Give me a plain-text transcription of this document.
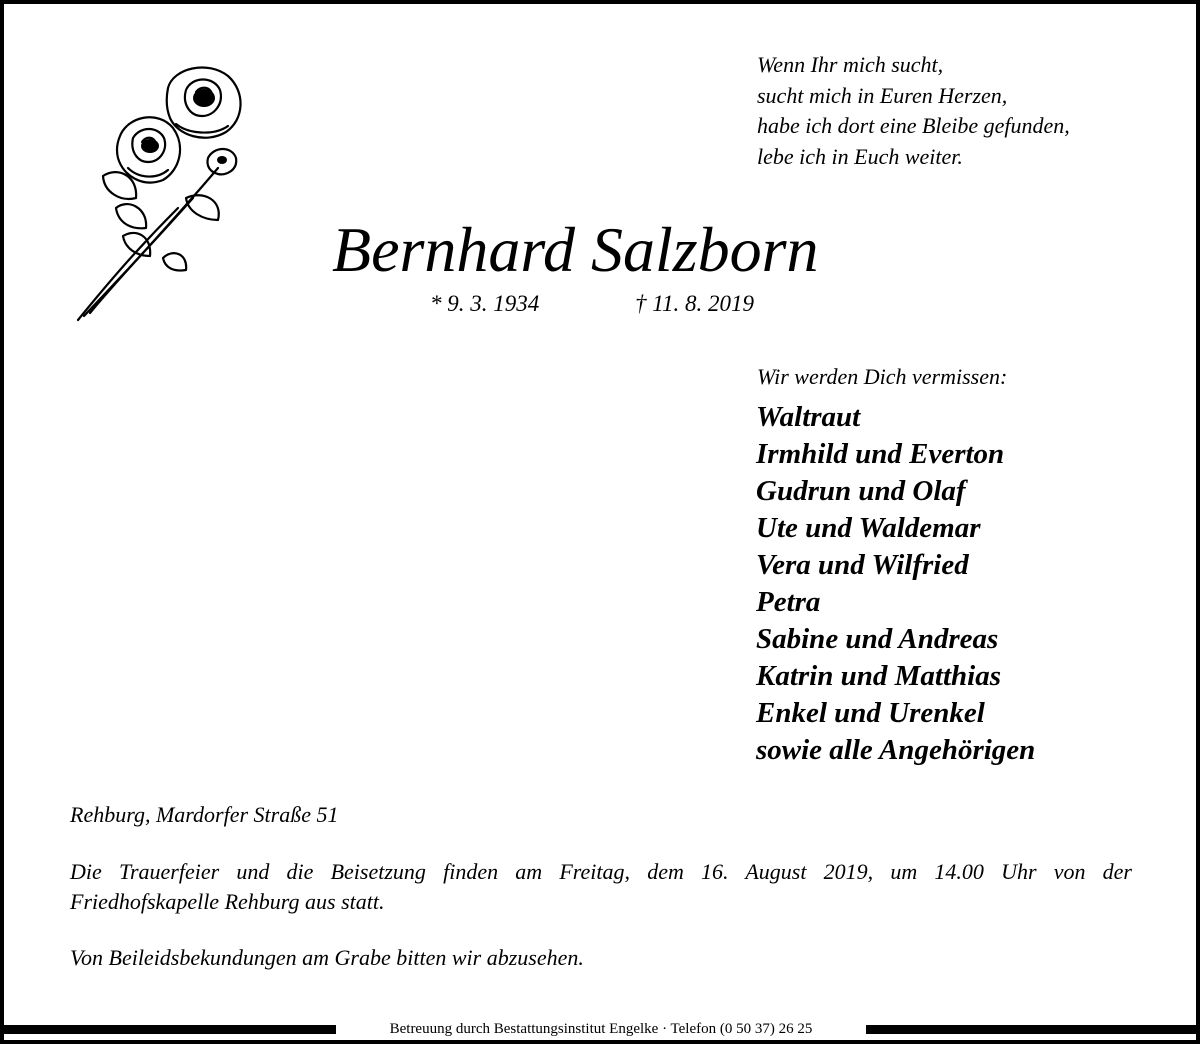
Wenn Ihr mich sucht,
sucht mich in Euren Herzen,
habe ich dort eine Bleibe gefunden,
lebe ich in Euch weiter.
Bernhard Salzborn
* 9. 3. 1934	† 11. 8. 2019
Wir werden Dich vermissen:
Waltraut
Irmhild und Everton
Gudrun und Olaf
Ute und Waldemar
Vera und Wilfried
Petra
Sabine und Andreas
Katrin und Matthias
Enkel und Urenkel
sowie alle Angehörigen
Rehburg, Mardorfer Straße 51
Die Trauerfeier und die Beisetzung finden am Freitag, dem 16. August 2019, um 14.00 Uhr von der
Friedhofskapelle Rehburg aus statt.
Von Beileidsbekundungen am Grabe bitten wir abzusehen.
Betreuung durch Bestattungsinstitut Engelke · Telefon (0 50 37) 26 25
